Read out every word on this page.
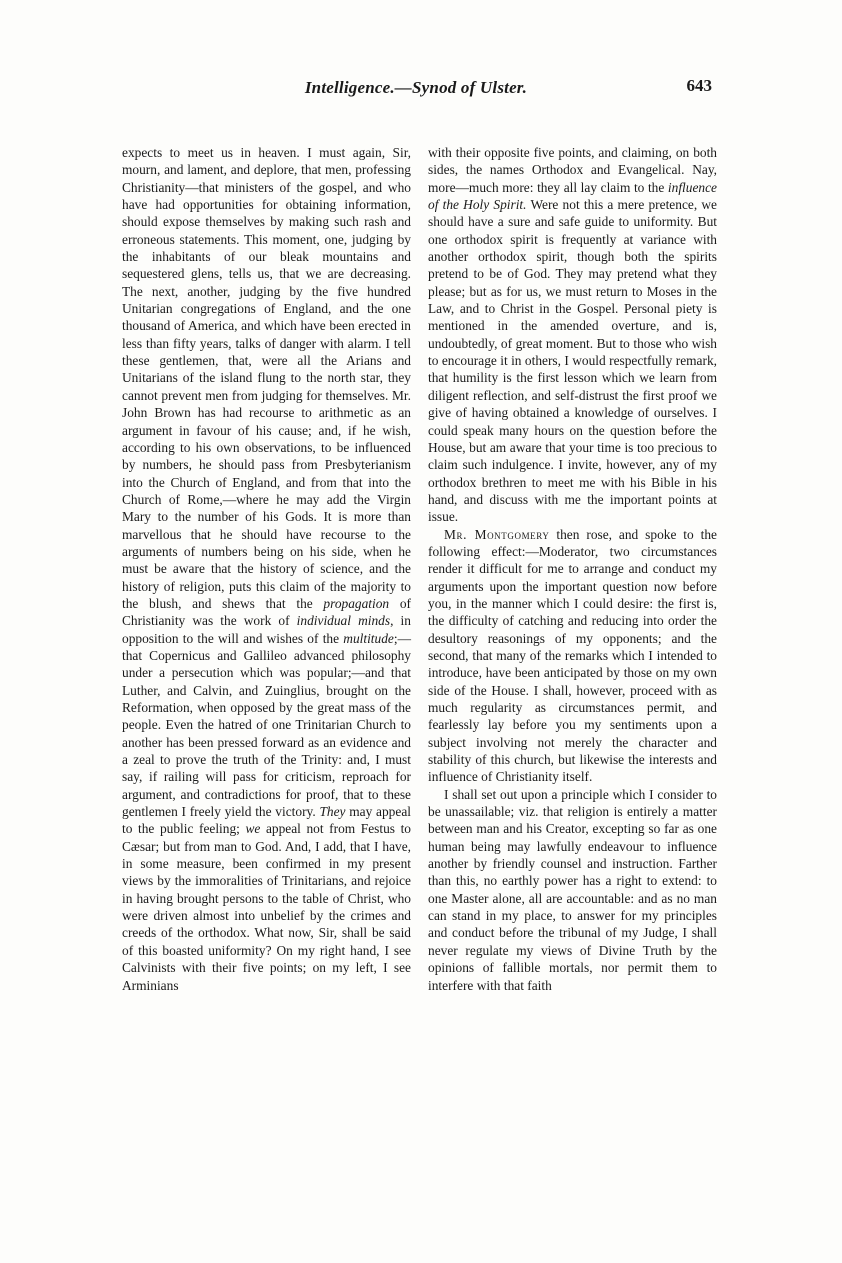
Intelligence.—Synod of Ulster.	643

expects to meet us in heaven. I must again, Sir, mourn, and lament, and deplore, that men, professing Christianity—that ministers of the gospel, and who have had opportunities for obtaining information, should expose themselves by making such rash and erroneous statements. This moment, one, judging by the inhabitants of our bleak mountains and sequestered glens, tells us, that we are decreasing. The next, another, judging by the five hundred Unitarian congregations of England, and the one thousand of America, and which have been erected in less than fifty years, talks of danger with alarm. I tell these gentlemen, that, were all the Arians and Unitarians of the island flung to the north star, they cannot prevent men from judging for themselves. Mr. John Brown has had recourse to arithmetic as an argument in favour of his cause; and, if he wish, according to his own observations, to be influenced by numbers, he should pass from Presbyterianism into the Church of England, and from that into the Church of Rome,—where he may add the Virgin Mary to the number of his Gods. It is more than marvellous that he should have recourse to the arguments of numbers being on his side, when he must be aware that the history of science, and the history of religion, puts this claim of the majority to the blush, and shews that the propagation of Christianity was the work of individual minds, in opposition to the will and wishes of the multitude;—that Copernicus and Gallileo advanced philosophy under a persecution which was popular;—and that Luther, and Calvin, and Zuinglius, brought on the Reformation, when opposed by the great mass of the people. Even the hatred of one Trinitarian Church to another has been pressed forward as an evidence and a zeal to prove the truth of the Trinity: and, I must say, if railing will pass for criticism, reproach for argument, and contradictions for proof, that to these gentlemen I freely yield the victory. They may appeal to the public feeling; we appeal not from Festus to Cæsar; but from man to God. And, I add, that I have, in some measure, been confirmed in my present views by the immoralities of Trinitarians, and rejoice in having brought persons to the table of Christ, who were driven almost into unbelief by the crimes and creeds of the orthodox. What now, Sir, shall be said of this boasted uniformity? On my right hand, I see Calvinists with their five points; on my left, I see Arminians

with their opposite five points, and claiming, on both sides, the names Orthodox and Evangelical. Nay, more—much more: they all lay claim to the influence of the Holy Spirit. Were not this a mere pretence, we should have a sure and safe guide to uniformity. But one orthodox spirit is frequently at variance with another orthodox spirit, though both the spirits pretend to be of God. They may pretend what they please; but as for us, we must return to Moses in the Law, and to Christ in the Gospel. Personal piety is mentioned in the amended overture, and is, undoubtedly, of great moment. But to those who wish to encourage it in others, I would respectfully remark, that humility is the first lesson which we learn from diligent reflection, and self-distrust the first proof we give of having obtained a knowledge of ourselves. I could speak many hours on the question before the House, but am aware that your time is too precious to claim such indulgence. I invite, however, any of my orthodox brethren to meet me with his Bible in his hand, and discuss with me the important points at issue.

Mr. Montgomery then rose, and spoke to the following effect:—Moderator, two circumstances render it difficult for me to arrange and conduct my arguments upon the important question now before you, in the manner which I could desire: the first is, the difficulty of catching and reducing into order the desultory reasonings of my opponents; and the second, that many of the remarks which I intended to introduce, have been anticipated by those on my own side of the House. I shall, however, proceed with as much regularity as circumstances permit, and fearlessly lay before you my sentiments upon a subject involving not merely the character and stability of this church, but likewise the interests and influence of Christianity itself.

I shall set out upon a principle which I consider to be unassailable; viz. that religion is entirely a matter between man and his Creator, excepting so far as one human being may lawfully endeavour to influence another by friendly counsel and instruction. Farther than this, no earthly power has a right to extend: to one Master alone, all are accountable: and as no man can stand in my place, to answer for my principles and conduct before the tribunal of my Judge, I shall never regulate my views of Divine Truth by the opinions of fallible mortals, nor permit them to interfere with that faith
